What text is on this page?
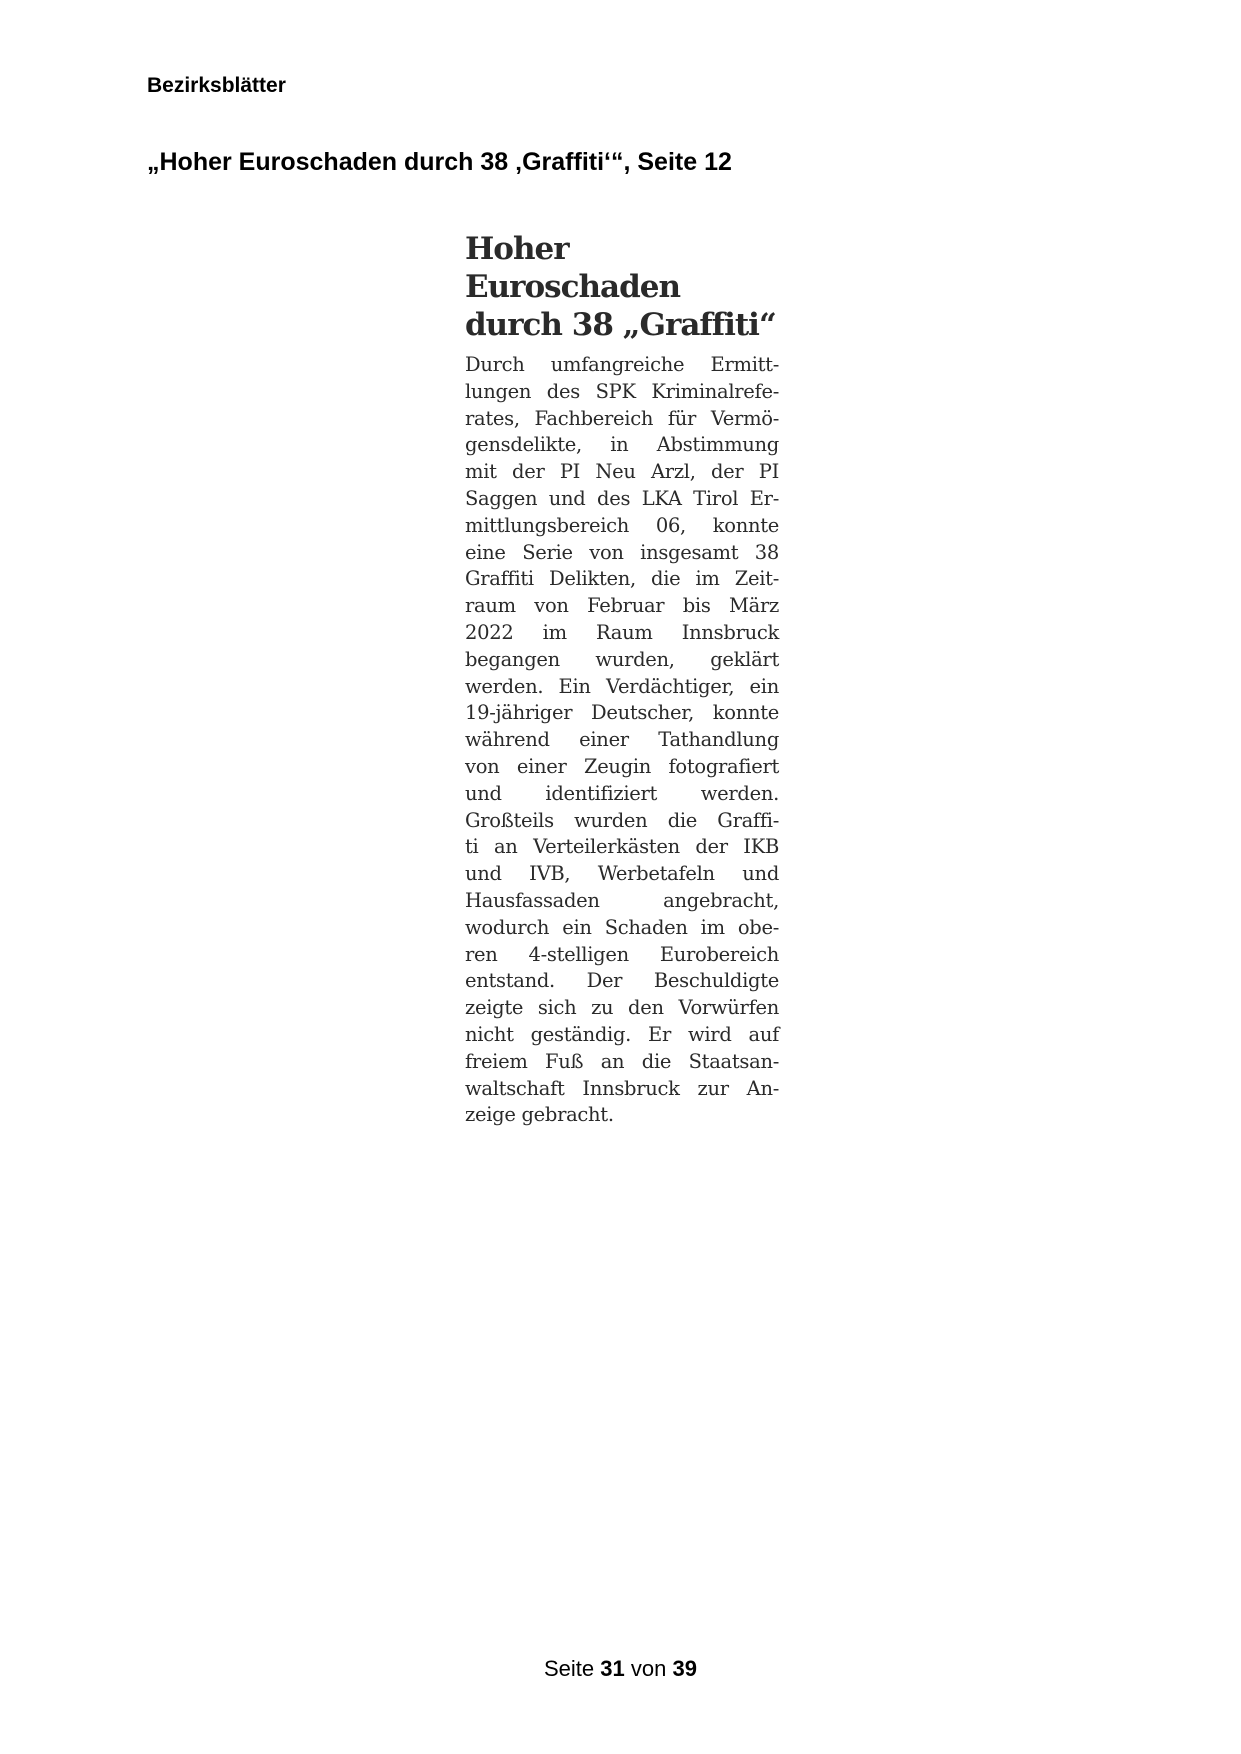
Bezirksblätter
„Hoher Euroschaden durch 38 ‚Graffiti‘“, Seite 12
Hoher Euroschaden
durch 38 „Graffiti“
Durch umfangreiche Ermitt-
lungen des SPK Kriminalrefe-
rates, Fachbereich für Vermö-
gensdelikte, in Abstimmung
mit der PI Neu Arzl, der PI
Saggen und des LKA Tirol Er-
mittlungsbereich 06, konnte
eine Serie von insgesamt 38
Graffiti Delikten, die im Zeit-
raum von Februar bis März
2022 im Raum Innsbruck
begangen wurden, geklärt
werden. Ein Verdächtiger, ein
19-jähriger Deutscher, konnte
während einer Tathandlung
von einer Zeugin fotografiert
und identifiziert werden.
Großteils wurden die Graffi-
ti an Verteilerkästen der IKB
und IVB, Werbetafeln und
Hausfassaden angebracht,
wodurch ein Schaden im obe-
ren 4-stelligen Eurobereich
entstand. Der Beschuldigte
zeigte sich zu den Vorwürfen
nicht geständig. Er wird auf
freiem Fuß an die Staatsan-
waltschaft Innsbruck zur An-
zeige gebracht.
Seite 31 von 39
